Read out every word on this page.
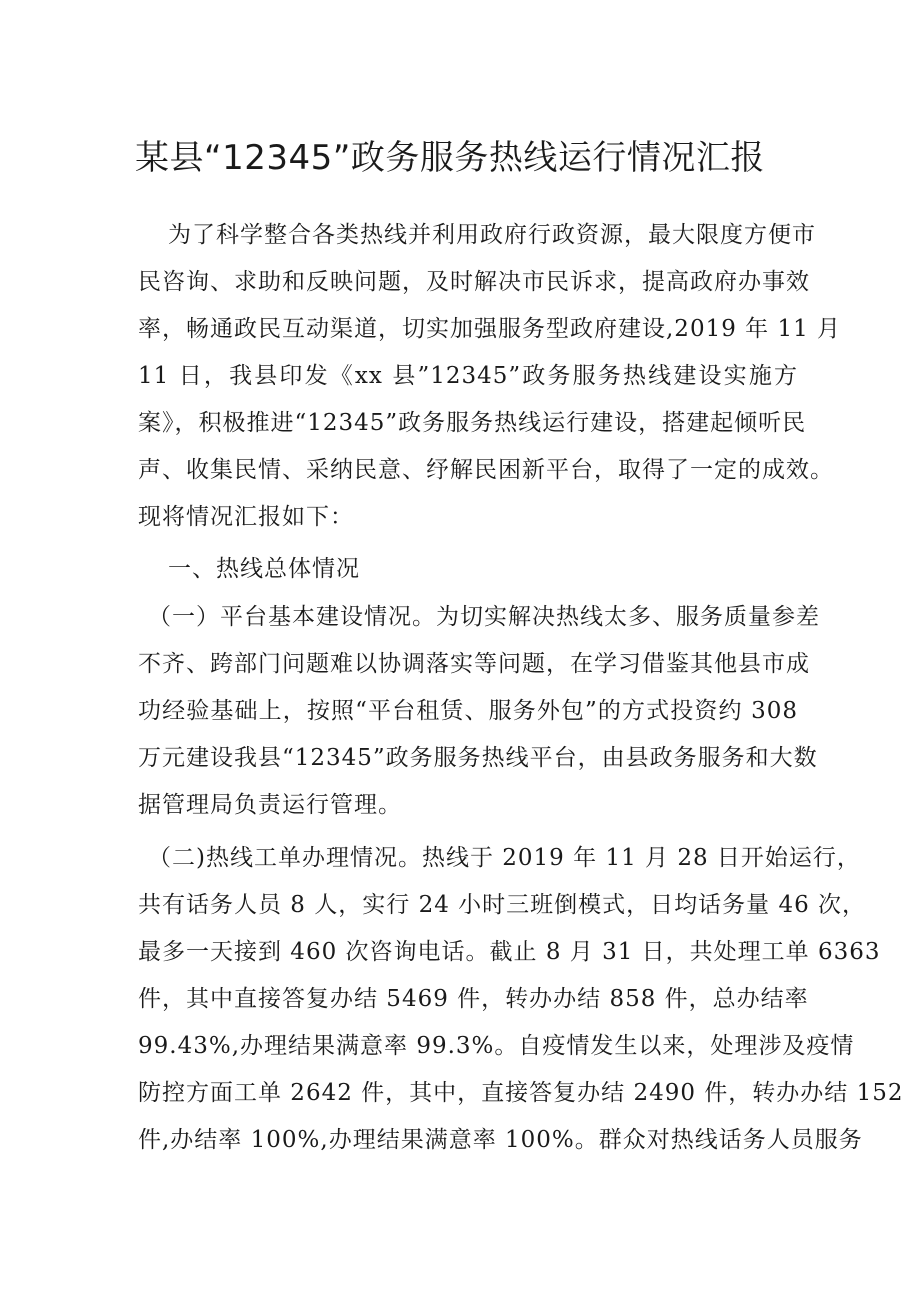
某县“12345”政务服务热线运行情况汇报
为了科学整合各类热线并利用政府行政资源，最大限度方便市
民咨询、求助和反映问题，及时解决市民诉求，提高政府办事效
率，畅通政民互动渠道，切实加强服务型政府建设,2019 年 11 月
11 日，我县印发《xx 县”12345”政务服务热线建设实施方
案》，积极推进“12345”政务服务热线运行建设，搭建起倾听民
声、收集民情、采纳民意、纾解民困新平台，取得了一定的成效。
现将情况汇报如下：
一、热线总体情况
（一）平台基本建设情况。为切实解决热线太多、服务质量参差
不齐、跨部门问题难以协调落实等问题，在学习借鉴其他县市成
功经验基础上，按照“平台租赁、服务外包”的方式投资约 308
万元建设我县“12345”政务服务热线平台，由县政务服务和大数
据管理局负责运行管理。
（二)热线工单办理情况。热线于 2019 年 11 月 28 日开始运行，
共有话务人员 8 人，实行 24 小时三班倒模式，日均话务量 46 次，
最多一天接到 460 次咨询电话。截止 8 月 31 日，共处理工单 6363
件，其中直接答复办结 5469 件，转办办结 858 件，总办结率
99.43%,办理结果满意率 99.3%。自疫情发生以来，处理涉及疫情
防控方面工单 2642 件，其中，直接答复办结 2490 件，转办办结 152
件,办结率 100%,办理结果满意率 100%。群众对热线话务人员服务
